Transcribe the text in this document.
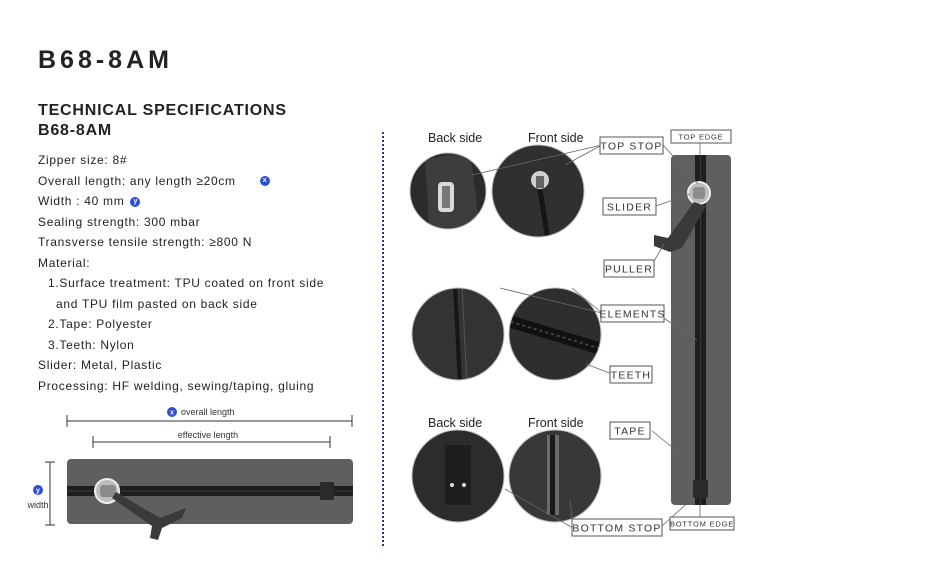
B68-8AM
TECHNICAL SPECIFICATIONS
B68-8AM
Zipper size: 8#
Overall length: any length ≥20cm	x
Width : 40 mm y
Sealing strength: 300 mbar
Transverse tensile strength: ≥800 N
Material:
1.Surface treatment: TPU coated on front side
and TPU film pasted on back side
2.Tape: Polyester
3.Teeth: Nylon
Slider: Metal, Plastic
Processing: HF welding, sewing/taping, gluing
x overall length
effective length
y
width
Back side	Front side
Back side	Front side
TOP STOP
SLIDER
PULLER
ELEMENTS
TEETH
TAPE
BOTTOM STOP
TOP EDGE
BOTTOM EDGE
